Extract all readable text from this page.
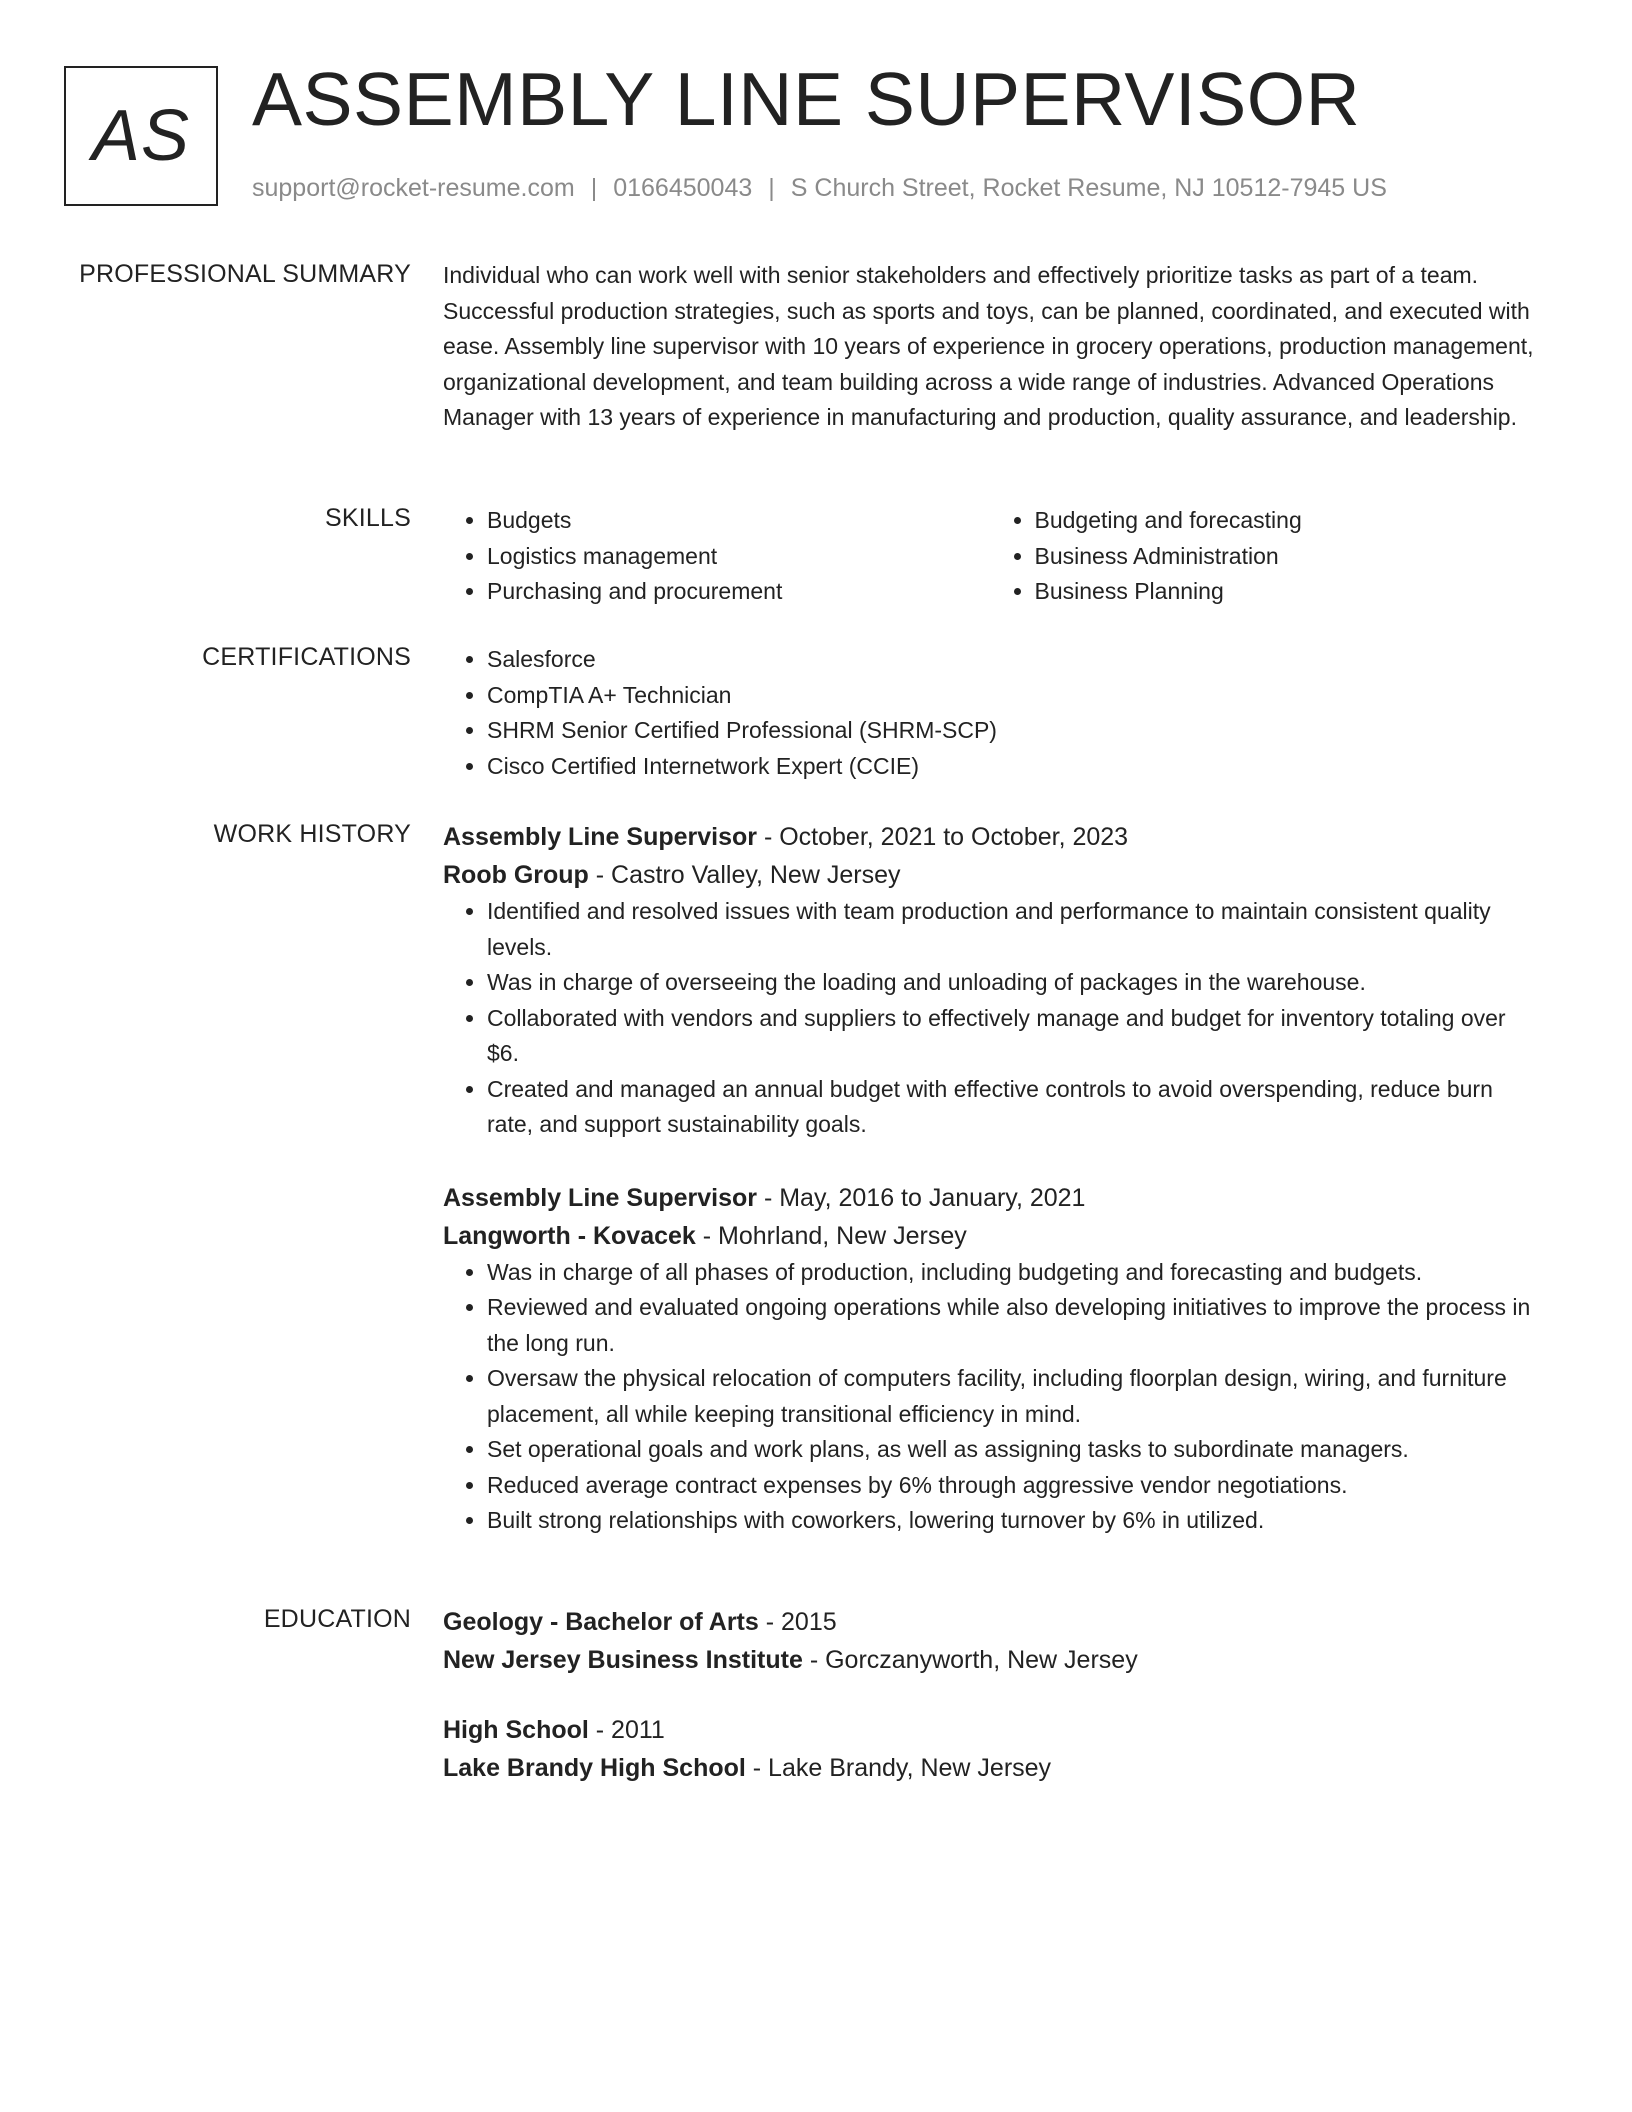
AS ASSEMBLY LINE SUPERVISOR
support@rocket-resume.com | 0166450043 | S Church Street, Rocket Resume, NJ 10512-7945 US
PROFESSIONAL SUMMARY Individual who can work well with senior stakeholders and effectively prioritize tasks as part of a team. Successful production strategies, such as sports and toys, can be planned, coordinated, and executed with ease. Assembly line supervisor with 10 years of experience in grocery operations, production management, organizational development, and team building across a wide range of industries. Advanced Operations Manager with 13 years of experience in manufacturing and production, quality assurance, and leadership.

SKILLS	• Budgets
• Logistics management
• Purchasing and procurement
• Budgeting and forecasting
• Business Administration
• Business Planning
CERTIFICATIONS	• Salesforce
• CompTIA A+ Technician
• SHRM Senior Certified Professional (SHRM-SCP)
• Cisco Certified Internetwork Expert (CCIE)
WORK HISTORY Assembly Line Supervisor - October, 2021 to October, 2023
Roob Group - Castro Valley, New Jersey
• Identified and resolved issues with team production and performance to maintain consistent quality levels.
• Was in charge of overseeing the loading and unloading of packages in the warehouse.
• Collaborated with vendors and suppliers to effectively manage and budget for inventory totaling over $6.
• Created and managed an annual budget with effective controls to avoid overspending, reduce burn rate, and support sustainability goals.
Assembly Line Supervisor - May, 2016 to January, 2021
Langworth - Kovacek - Mohrland, New Jersey
• Was in charge of all phases of production, including budgeting and forecasting and budgets.
• Reviewed and evaluated ongoing operations while also developing initiatives to improve the process in the long run.
• Oversaw the physical relocation of computers facility, including floorplan design, wiring, and furniture placement, all while keeping transitional efficiency in mind.
• Set operational goals and work plans, as well as assigning tasks to subordinate managers.
• Reduced average contract expenses by 6% through aggressive vendor negotiations.
• Built strong relationships with coworkers, lowering turnover by 6% in utilized.
EDUCATION Geology - Bachelor of Arts - 2015
New Jersey Business Institute - Gorczanyworth, New Jersey
High School - 2011
Lake Brandy High School - Lake Brandy, New Jersey
